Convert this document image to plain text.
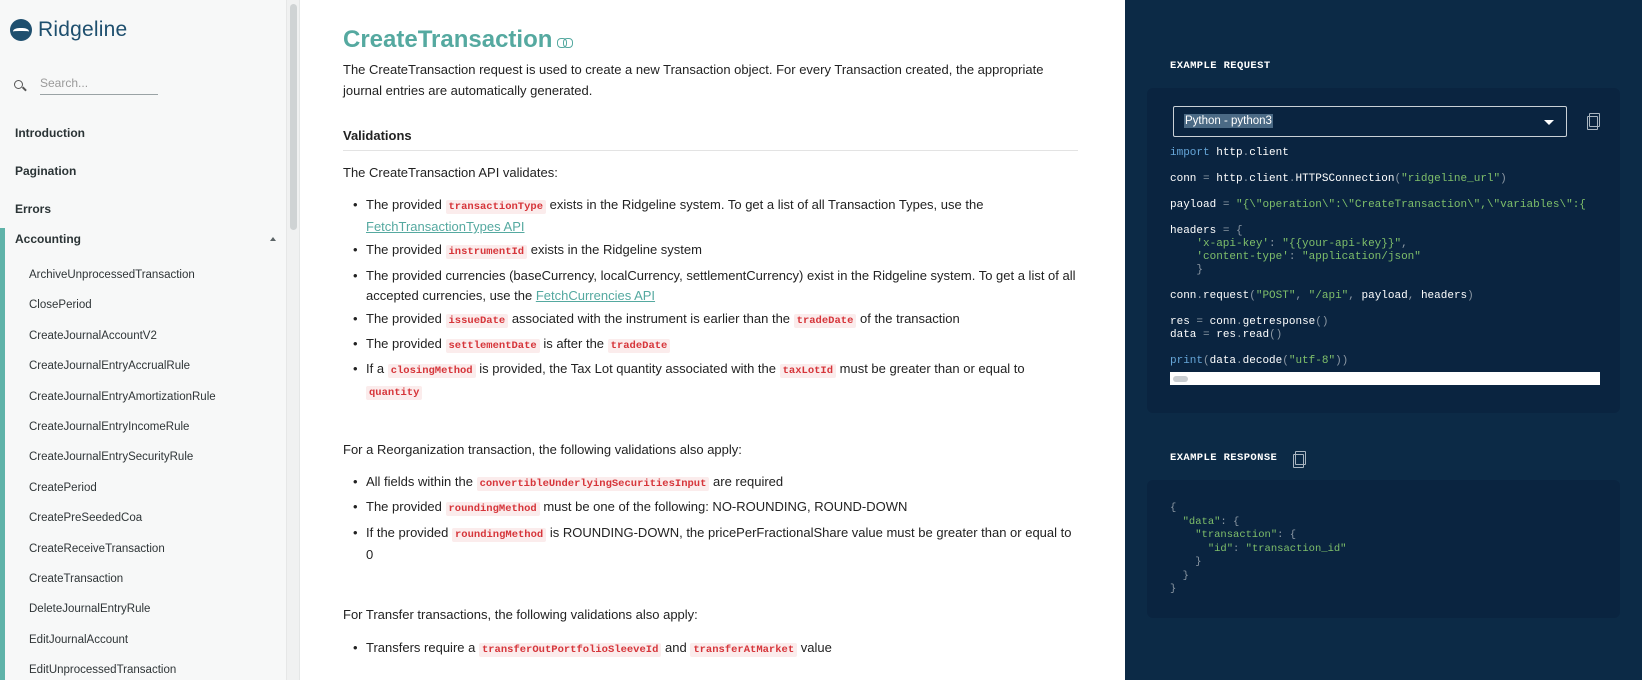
Ridgeline
Search...
Introduction
Pagination
Errors
Accounting
ArchiveUnprocessedTransaction
ClosePeriod
CreateJournalAccountV2
CreateJournalEntryAccrualRule
CreateJournalEntryAmortizationRule
CreateJournalEntryIncomeRule
CreateJournalEntrySecurityRule
CreatePeriod
CreatePreSeededCoa
CreateReceiveTransaction
CreateTransaction
DeleteJournalEntryRule
EditJournalAccount
EditUnprocessedTransaction
CreateTransaction

The CreateTransaction request is used to create a new Transaction object. For every Transaction created, the appropriate journal entries are automatically generated.

Validations

The CreateTransaction API validates:

• The provided transactionType exists in the Ridgeline system. To get a list of all Transaction Types, use the FetchTransactionTypes API
• The provided instrumentId exists in the Ridgeline system
• The provided currencies (baseCurrency, localCurrency, settlementCurrency) exist in the Ridgeline system. To get a list of all accepted currencies, use the FetchCurrencies API
• The provided issueDate associated with the instrument is earlier than the tradeDate of the transaction
• The provided settlementDate is after the tradeDate
• If a closingMethod is provided, the Tax Lot quantity associated with the taxLotId must be greater than or equal to quantity

For a Reorganization transaction, the following validations also apply:

• All fields within the convertibleUnderlyingSecuritiesInput are required
• The provided roundingMethod must be one of the following: NO-ROUNDING, ROUND-DOWN
• If the provided roundingMethod is ROUNDING-DOWN, the pricePerFractionalShare value must be greater than or equal to 0

For Transfer transactions, the following validations also apply:

• Transfers require a transferOutPortfolioSleeveId and transferAtMarket value
EXAMPLE REQUEST
Python - python3
import http.client

conn = http.client.HTTPSConnection("ridgeline_url")

payload = "{\"operation\":\"CreateTransaction\",\"variables\":{

headers = {
'x-api-key': "{{your-api-key}}",
'content-type': "application/json"
}

conn.request("POST", "/api", payload, headers)

res = conn.getresponse()
data = res.read()

print(data.decode("utf-8"))
EXAMPLE RESPONSE
{
"data": {
"transaction": {
"id": "transaction_id"
}
}
}
